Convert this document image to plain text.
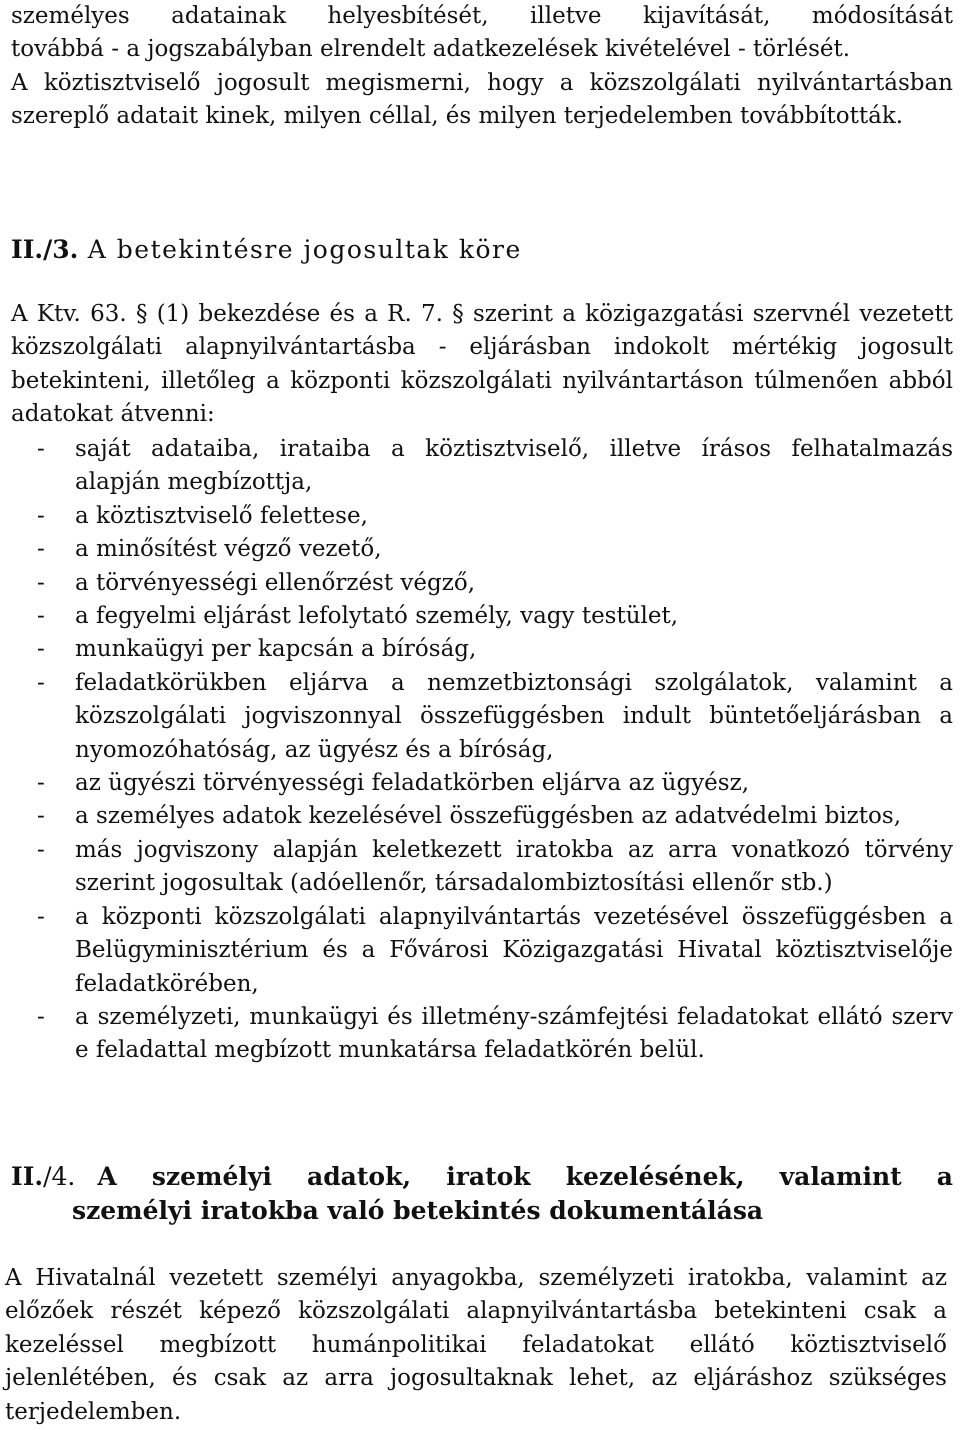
személyes adatainak helyesbítését, illetve kijavítását, módosítását
továbbá - a jogszabályban elrendelt adatkezelések kivételével - törlését.
A köztisztviselő jogosult megismerni, hogy a közszolgálati nyilvántartásban szereplő adatait kinek, milyen céllal, és milyen terjedelemben továbbították.
II./3. A betekintésre jogosultak köre
A Ktv. 63. § (1) bekezdése és a R. 7. § szerint a közigazgatási szervnél vezetett közszolgálati alapnyilvántartásba - eljárásban indokolt mértékig jogosult betekinteni, illetőleg a központi közszolgálati nyilvántartáson túlmenően abból adatokat átvenni:
- saját adataiba, irataiba a köztisztviselő, illetve írásos felhatalmazás alapján megbízottja,
- a köztisztviselő felettese,
- a minősítést végző vezető,
- a törvényességi ellenőrzést végző,
- a fegyelmi eljárást lefolytató személy, vagy testület,
- munkaügyi per kapcsán a bíróság,
- feladatkörükben eljárva a nemzetbiztonsági szolgálatok, valamint a közszolgálati jogviszonnyal összefüggésben indult büntetőeljárásban a nyomozóhatóság, az ügyész és a bíróság,
- az ügyészi törvényességi feladatkörben eljárva az ügyész,
- a személyes adatok kezelésével összefüggésben az adatvédelmi biztos,
- más jogviszony alapján keletkezett iratokba az arra vonatkozó törvény szerint jogosultak (adóellenőr, társadalombiztosítási ellenőr stb.)
- a központi közszolgálati alapnyilvántartás vezetésével összefüggésben a Belügyminisztérium és a Fővárosi Közigazgatási Hivatal köztisztviselője feladatkörében,
- a személyzeti, munkaügyi és illetmény-számfejtési feladatokat ellátó szerv e feladattal megbízott munkatársa feladatkörén belül.
II./4. A személyi adatok, iratok kezelésének, valamint a
személyi iratokba való betekintés dokumentálása
A Hivatalnál vezetett személyi anyagokba, személyzeti iratokba, valamint az előzőek részét képező közszolgálati alapnyilvántartásba betekinteni csak a kezeléssel megbízott humánpolitikai feladatokat ellátó köztisztviselő jelenlétében, és csak az arra jogosultaknak lehet, az eljáráshoz szükséges terjedelemben.
